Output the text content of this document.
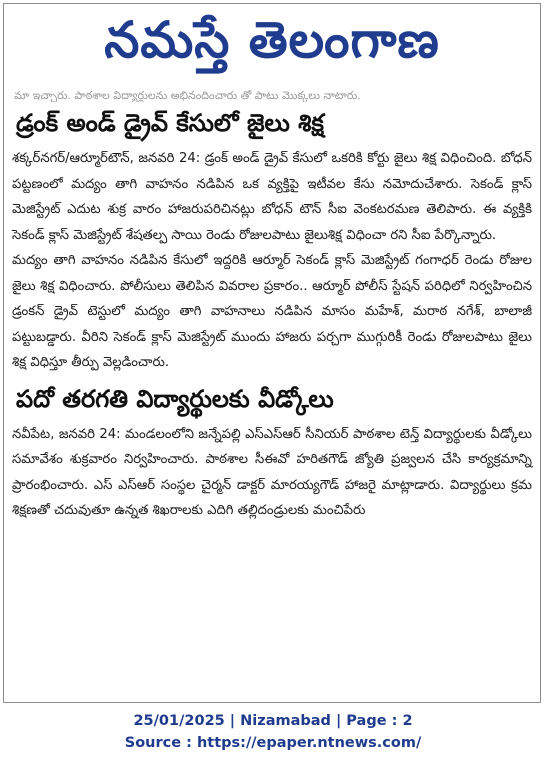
నమస్తే తెలంగాణ
మా ఇచ్చారు. పాఠశాల విద్యార్థులను అభినందించారు తో పాటు మొక్కలు నాటారు.
డ్రంక్ అండ్ డ్రైవ్ కేసులో జైలు శిక్ష

శక్కర్‌నగర్/ఆర్మూర్‌టౌన్, జనవరి 24: డ్రంక్ అండ్ డ్రైవ్ కేసులో ఒకరికి కోర్టు జైలు శిక్ష విధించింది. బోధన్ పట్టణంలో మద్యం తాగి వాహనం నడిపిన ఒక వ్యక్తిపై ఇటీవల కేసు నమోదుచేశారు. సెకండ్ క్లాస్ మెజిస్ట్రేట్ ఎదుట శుక్ర వారం హాజరుపరిచినట్లు బోధన్ టౌన్ సీఐ వెంకటరమణ తెలిపారు. ఈ వ్యక్తికి సెకండ్ క్లాస్ మెజిస్ట్రేట్ శేషతల్ప సాయి రెండు రోజులపాటు జైలుశిక్ష విధించా రని సీఐ పేర్కొన్నారు.

మద్యం తాగి వాహనం నడిపిన కేసులో ఇద్దరికి ఆర్మూర్ సెకండ్ క్లాస్ మెజిస్ట్రేట్ గంగాధర్ రెండు రోజుల జైలు శిక్ష విధించారు. పోలీసులు తెలిపిన వివరాల ప్రకారం.. ఆర్మూర్ పోలీస్ స్టేషన్ పరిధిలో నిర్వహించిన డ్రంకన్ డ్రైవ్ టెస్టులో మద్యం తాగి వాహనాలు నడిపిన మాసం మహేశ్, మరాఠ నగేశ్, బాలాజీ పట్టుబడ్డారు. వీరిని సెకండ్ క్లాస్ మెజిస్ట్రేట్ ముందు హాజరు పర్చగా ముగ్గురికీ రెండు రోజులపాటు జైలు శిక్ష విధిస్తూ తీర్పు వెల్లడించారు.

పదో తరగతి విద్యార్థులకు వీడ్కోలు

నవీపేట, జనవరి 24: మండలంలోని జన్నేపల్లి ఎస్ఎస్ఆర్ సీనియర్ పాఠశాల టెన్త్ విద్యార్థులకు వీడ్కోలు సమావేశం శుక్రవారం నిర్వహించారు. పాఠశాల సీఈవో హరితగౌడ్ జ్యోతి ప్రజ్వలన చేసి కార్యక్రమాన్ని ప్రారంభించారు. ఎస్ ఎస్ఆర్ సంస్థల చైర్మన్ డాక్టర్ మారయ్యగౌడ్ హాజరై మాట్లాడారు. విద్యార్థులు క్రమ శిక్షణతో చదువుతూ ఉన్నత శిఖరాలకు ఎదిగి తల్లిదండ్రులకు మంచిపేరు

25/01/2025 | Nizamabad | Page : 2
Source : https://epaper.ntnews.com/
